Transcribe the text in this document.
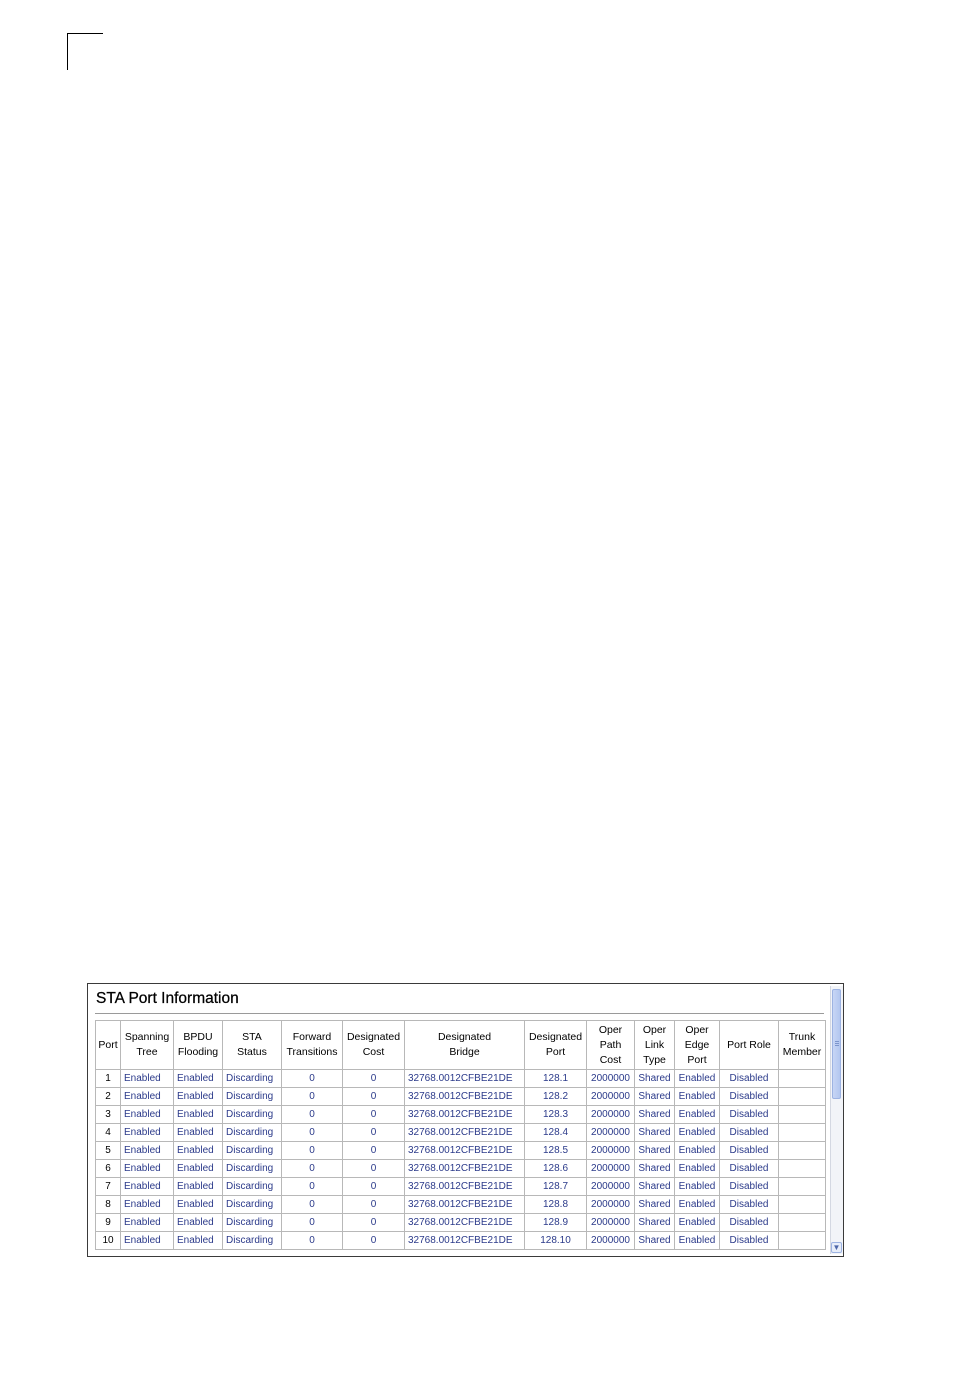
STA Port Information
Port	Spanning Tree	BPDU Flooding	STA Status	Forward Transitions	Designated Cost	Designated Bridge	Designated Port	Oper Path Cost	Oper Link Type	Oper Edge Port	Port Role	Trunk Member
1	Enabled	Enabled	Discarding	0	0	32768.0012CFBE21DE	128.1	2000000	Shared	Enabled	Disabled	
2	Enabled	Enabled	Discarding	0	0	32768.0012CFBE21DE	128.2	2000000	Shared	Enabled	Disabled	
3	Enabled	Enabled	Discarding	0	0	32768.0012CFBE21DE	128.3	2000000	Shared	Enabled	Disabled	
4	Enabled	Enabled	Discarding	0	0	32768.0012CFBE21DE	128.4	2000000	Shared	Enabled	Disabled	
5	Enabled	Enabled	Discarding	0	0	32768.0012CFBE21DE	128.5	2000000	Shared	Enabled	Disabled	
6	Enabled	Enabled	Discarding	0	0	32768.0012CFBE21DE	128.6	2000000	Shared	Enabled	Disabled	
7	Enabled	Enabled	Discarding	0	0	32768.0012CFBE21DE	128.7	2000000	Shared	Enabled	Disabled	
8	Enabled	Enabled	Discarding	0	0	32768.0012CFBE21DE	128.8	2000000	Shared	Enabled	Disabled	
9	Enabled	Enabled	Discarding	0	0	32768.0012CFBE21DE	128.9	2000000	Shared	Enabled	Disabled	
10	Enabled	Enabled	Discarding	0	0	32768.0012CFBE21DE	128.10	2000000	Shared	Enabled	Disabled	
▼
